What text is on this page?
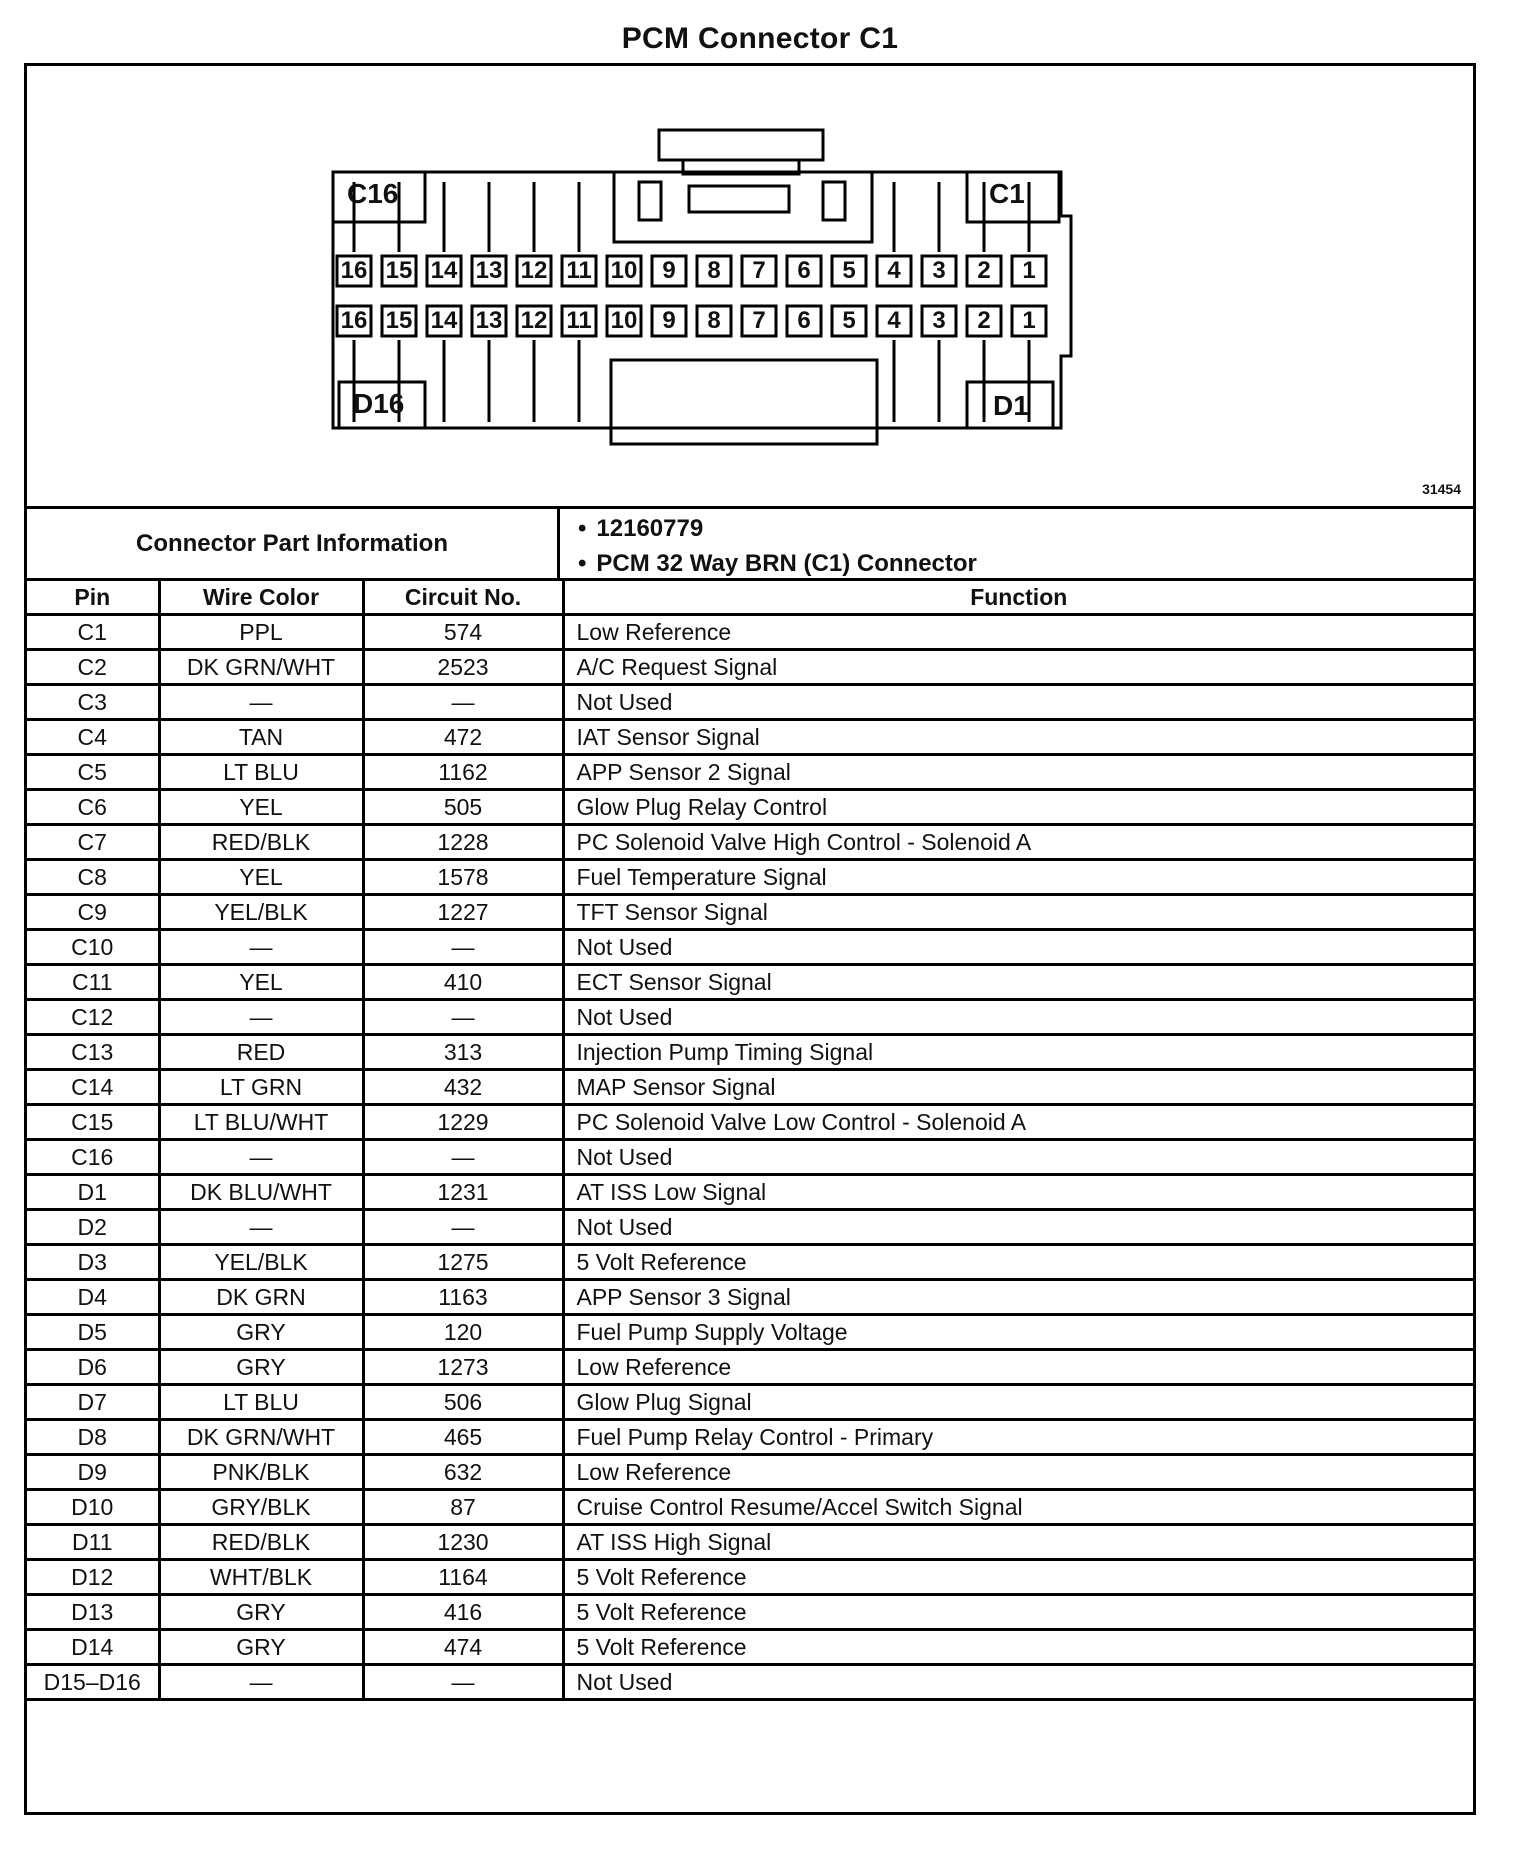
PCM Connector C1
C16	C1
D16	D1
31454
16
16
15
15
14
14
13
13
12
12
11
11
10
10
9
9
8
8
7
7
6
6
5
5
4
4
3
3
2
2
1
1
Connector Part Information
• 12160779
• PCM 32 Way BRN (C1) Connector
Pin	Wire Color	Circuit No.	Function
C1	PPL	574	Low Reference
C2	DK GRN/WHT	2523	A/C Request Signal
C3	—	—	Not Used
C4	TAN	472	IAT Sensor Signal
C5	LT BLU	1162	APP Sensor 2 Signal
C6	YEL	505	Glow Plug Relay Control
C7	RED/BLK	1228	PC Solenoid Valve High Control - Solenoid A
C8	YEL	1578	Fuel Temperature Signal
C9	YEL/BLK	1227	TFT Sensor Signal
C10	—	—	Not Used
C11	YEL	410	ECT Sensor Signal
C12	—	—	Not Used
C13	RED	313	Injection Pump Timing Signal
C14	LT GRN	432	MAP Sensor Signal
C15	LT BLU/WHT	1229	PC Solenoid Valve Low Control - Solenoid A
C16	—	—	Not Used
D1	DK BLU/WHT	1231	AT ISS Low Signal
D2	—	—	Not Used
D3	YEL/BLK	1275	5 Volt Reference
D4	DK GRN	1163	APP Sensor 3 Signal
D5	GRY	120	Fuel Pump Supply Voltage
D6	GRY	1273	Low Reference
D7	LT BLU	506	Glow Plug Signal
D8	DK GRN/WHT	465	Fuel Pump Relay Control - Primary
D9	PNK/BLK	632	Low Reference
D10	GRY/BLK	87	Cruise Control Resume/Accel Switch Signal
D11	RED/BLK	1230	AT ISS High Signal
D12	WHT/BLK	1164	5 Volt Reference
D13	GRY	416	5 Volt Reference
D14	GRY	474	5 Volt Reference
D15–D16	—	—	Not Used
